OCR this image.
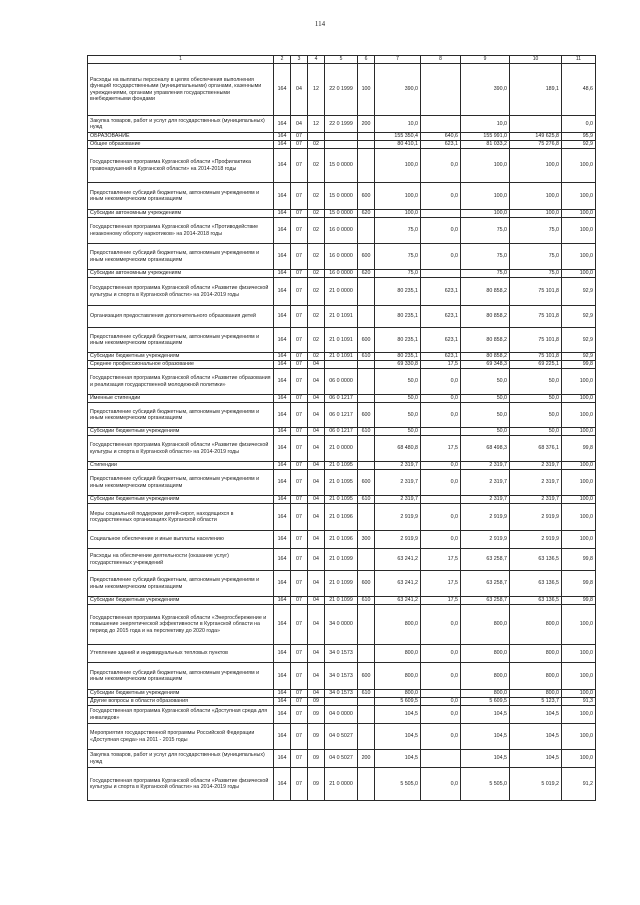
114
1	2	3	4	5	6	7	8	9	10	11
Расходы на выплаты персоналу в целях обеспечения выполнения функций государственными (муниципальными) органами, казенными учреждениями, органами управления государственными внебюджетными фондами	164	04	12	22 0 1999	100	390,0		390,0	189,1	48,6
Закупка товаров, работ и услуг для государственных (муниципальных) нужд	164	04	12	22 0 1999	200	10,0		10,0		0,0
ОБРАЗОВАНИЕ	164	07				155 350,4	640,6	155 991,0	149 625,8	95,9
Общее образование	164	07	02			80 410,1	623,1	81 033,2	75 276,8	92,9
Государственная программа Курганской области «Профилактика правонарушений в Курганской области» на 2014-2018 годы	164	07	02	15 0 0000		100,0	0,0	100,0	100,0	100,0
Предоставление субсидий бюджетным, автономным учреждениям и иным некоммерческим организациям	164	07	02	15 0 0000	600	100,0	0,0	100,0	100,0	100,0
Субсидии автономным учреждениям	164	07	02	15 0 0000	620	100,0		100,0	100,0	100,0
Государственная программа Курганской области «Противодействие незаконному обороту наркотиков» на 2014-2018 годы	164	07	02	16 0 0000		75,0	0,0	75,0	75,0	100,0
Предоставление субсидий бюджетным, автономным учреждениям и иным некоммерческим организациям	164	07	02	16 0 0000	600	75,0	0,0	75,0	75,0	100,0
Субсидии автономным учреждениям	164	07	02	16 0 0000	620	75,0		75,0	75,0	100,0
Государственная программа Курганской области «Развитие физической культуры и спорта в Курганской области» на 2014-2019 годы	164	07	02	21 0 0000		80 235,1	623,1	80 858,2	75 101,8	92,9
Организация предоставления дополнительного образования детей	164	07	02	21 0 1091		80 235,1	623,1	80 858,2	75 101,8	92,9
Предоставление субсидий бюджетным, автономным учреждениям и иным некоммерческим организациям	164	07	02	21 0 1091	600	80 235,1	623,1	80 858,2	75 101,8	92,9
Субсидии бюджетным учреждениям	164	07	02	21 0 1091	610	80 235,1	623,1	80 858,2	75 101,8	92,9
Среднее профессиональное образование	164	07	04			69 330,8	17,5	69 348,3	69 225,1	99,8
Государственная программа Курганской области «Развитие образования и реализация государственной молодежной политики»	164	07	04	06 0 0000		50,0	0,0	50,0	50,0	100,0
Именные стипендии	164	07	04	06 0 1217		50,0	0,0	50,0	50,0	100,0
Предоставление субсидий бюджетным, автономным учреждениям и иным некоммерческим организациям	164	07	04	06 0 1217	600	50,0	0,0	50,0	50,0	100,0
Субсидии бюджетным учреждениям	164	07	04	06 0 1217	610	50,0		50,0	50,0	100,0
Государственная программа Курганской области «Развитие физической культуры и спорта в Курганской области» на 2014-2019 годы	164	07	04	21 0 0000		68 480,8	17,5	68 498,3	68 376,1	99,8
Стипендии	164	07	04	21 0 1095		2 319,7	0,0	2 319,7	2 319,7	100,0
Предоставление субсидий бюджетным, автономным учреждениям и иным некоммерческим организациям	164	07	04	21 0 1095	600	2 319,7	0,0	2 319,7	2 319,7	100,0
Субсидии бюджетным учреждениям	164	07	04	21 0 1095	610	2 319,7		2 319,7	2 319,7	100,0
Меры социальной поддержки детей-сирот, находящихся в государственных организациях Курганской области	164	07	04	21 0 1096		2 919,9	0,0	2 919,9	2 919,9	100,0
Социальное обеспечение и иные выплаты населению	164	07	04	21 0 1096	300	2 919,9	0,0	2 919,9	2 919,9	100,0
Расходы на обеспечение деятельности (оказание услуг) государственных учреждений	164	07	04	21 0 1099		63 241,2	17,5	63 258,7	63 136,5	99,8
Предоставление субсидий бюджетным, автономным учреждениям и иным некоммерческим организациям	164	07	04	21 0 1099	600	63 241,2	17,5	63 258,7	63 136,5	99,8
Субсидии бюджетным учреждениям	164	07	04	21 0 1099	610	63 241,2	17,5	63 258,7	63 136,5	99,8
Государственная программа Курганской области «Энергосбережение и повышение энергетической эффективности в Курганской области на период до 2015 года и на перспективу до 2020 года»	164	07	04	34 0 0000		800,0	0,0	800,0	800,0	100,0
Утепление зданий и индивидуальных тепловых пунктов	164	07	04	34 0 1573		800,0	0,0	800,0	800,0	100,0
Предоставление субсидий бюджетным, автономным учреждениям и иным некоммерческим организациям	164	07	04	34 0 1573	600	800,0	0,0	800,0	800,0	100,0
Субсидии бюджетным учреждениям	164	07	04	34 0 1573	610	800,0		800,0	800,0	100,0
Другие вопросы в области образования	164	07	09			5 609,5	0,0	5 609,5	5 123,7	91,3
Государственная программа Курганской области «Доступная среда для инвалидов»	164	07	09	04 0 0000		104,5	0,0	104,5	104,5	100,0
Мероприятия государственной программы Российской Федерации «Доступная среда» на 2011 - 2015 годы	164	07	09	04 0 5027		104,5	0,0	104,5	104,5	100,0
Закупка товаров, работ и услуг для государственных (муниципальных) нужд	164	07	09	04 0 5027	200	104,5		104,5	104,5	100,0
Государственная программа Курганской области «Развитие физической культуры и спорта в Курганской области» на 2014-2019 годы	164	07	09	21 0 0000		5 505,0	0,0	5 505,0	5 019,2	91,2
